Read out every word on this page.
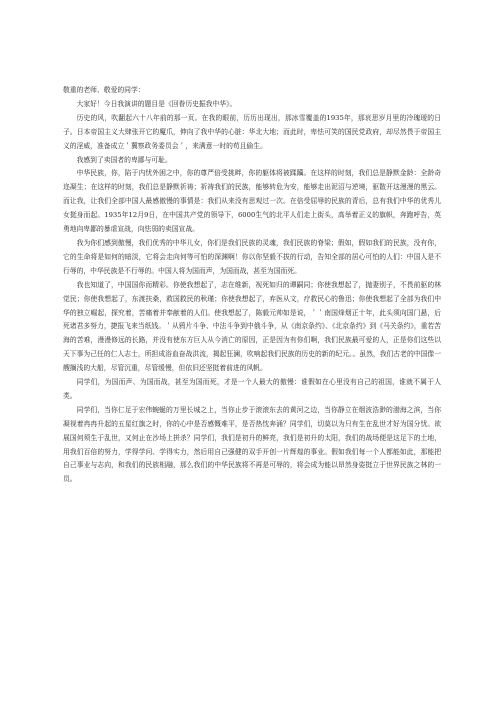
敬重的老师、敬爱的同学：

大家好！今日我演讲的题目是《回眷历史振我中华》。

历史的风，吹翻起六十八年前的那一页。在我的眼前，历历出现出，那冰雪覆盖的1935年，那哀思岁月里的冷瑰瑷的日子。日本帝国主义大肆张开它的魔爪，伸向了我中华的心脏：华北大地；而此时，卑怯可笑的国民党政府，却尽然畏于帝国主义的淫威，准备成立＇冀察政务委员会＇，来满意一时的苟且偷生。

我感到了卖国者的卑鄙与可耻。

中华民族，你，陷于内忧外困之中，你的尊严倍受挑畔，你的躯体将被蹂躏。在这样的时刻，我们总是静默金龄：全龄奇迩凝生；在这样的时刻，我们总是静默祈祷；祈祷我们的民族，能够转危为安，能够走出泥沼与逆境，驱散开这漫漫的黑云。而让我，让我们全部中国人最感傲慢的事情是：我们从来没有思观过一次。在倍受屈辱的民族的青后，总有我们中华的优秀儿女挺身而起。1935年12月9日，在中国共产党的领导下，6000生气的北平人们走上街头，高举着正义的旗帜，奔跑呼告，英勇地向卑鄙的暴虐宣战，向怯弱的卖国宣战。

我为你们感到傲慢，我们优秀的中华儿女，你们是我们民族的灵魂，我们民族的脊梁；假如，假如我们的民族，没有你，它的生命将是如何的暗淡，它将会走向何等可怕的深渊啊！你以你坚毅不拔的行动，告知全部的居心可怕的人们：中国人是不行辱的，中华民族是不行辱的。中国人将为国而声，为国而战，甚至为国而死。

我也知道了，中国国你而精彩。你使我想起了，志在维新，视死如归的谭嗣同；你使我想起了，抛妻别子，不畏前驱的林觉民；你使我想起了，东渡扶桑，救国救民的秋瑾；你使我想起了，弃医从文，疗救民心的鲁迅；你使我想起了全部为我们中华的独立崛起，探究着，苦痛着并奉献着的人们。使我想起了，陈毅元帅如是说，＇＇南国烽烟正十年，此头须向国门悬，后死诸君多努力，捷报飞来当纸钱。＇从鸦片斗争、中法斗争到中俄斗争，从《南京条约》、《北京条约》到《马关条约》，重若苦海的苦难，漫漫修远的长路，并没有使东方巨人从今消亡的原因，正是因为有你们啊，我们民族最可爱的人，正是你们这些以天下事为己任的仁人志士，所担成浴血奋战洪流，揭起狂澜，吹响起我们民族的历史的新的纪元。。虽然，我们古老的中国像一艘搁浅的大船，尽管沉重，尽管缓慢，但依旧还坚挺着前进的风帆。

同学们，为国而声、为国而战，甚至为国而死，才是一个人最大的傲慢：谁假如在心里没有自己的祖国，谁就不属于人类。

同学们，当你仁足于宏伟蜿蜒的万里长城之上，当你止步于滚滚东去的黄河之边，当你静立在烟波浩渺的渤海之滨，当你凝视着冉冉升起的五星红旗之时，你的心中是否感慨难平，是否热忱奔涌？同学们，切莫以为只有生在乱世才好为国分忧。欲展国何须生于乱世，又何止在沙场上拼杀？同学们，我们是初升的鲜亮，我们是初升的太阳，我们的战场便是这足下的土地，用我们百倍的努力，学得学问、学得实力，然后用自己强健的双手开创一片辉煌的事业。假如我们每一个人都能如此，那能把自己事业与志向，和我们的民族相融，那么我们的中华民族将不再是可辱的，将会成为能以昂然身姿挺立于世界民族之林的一员。
